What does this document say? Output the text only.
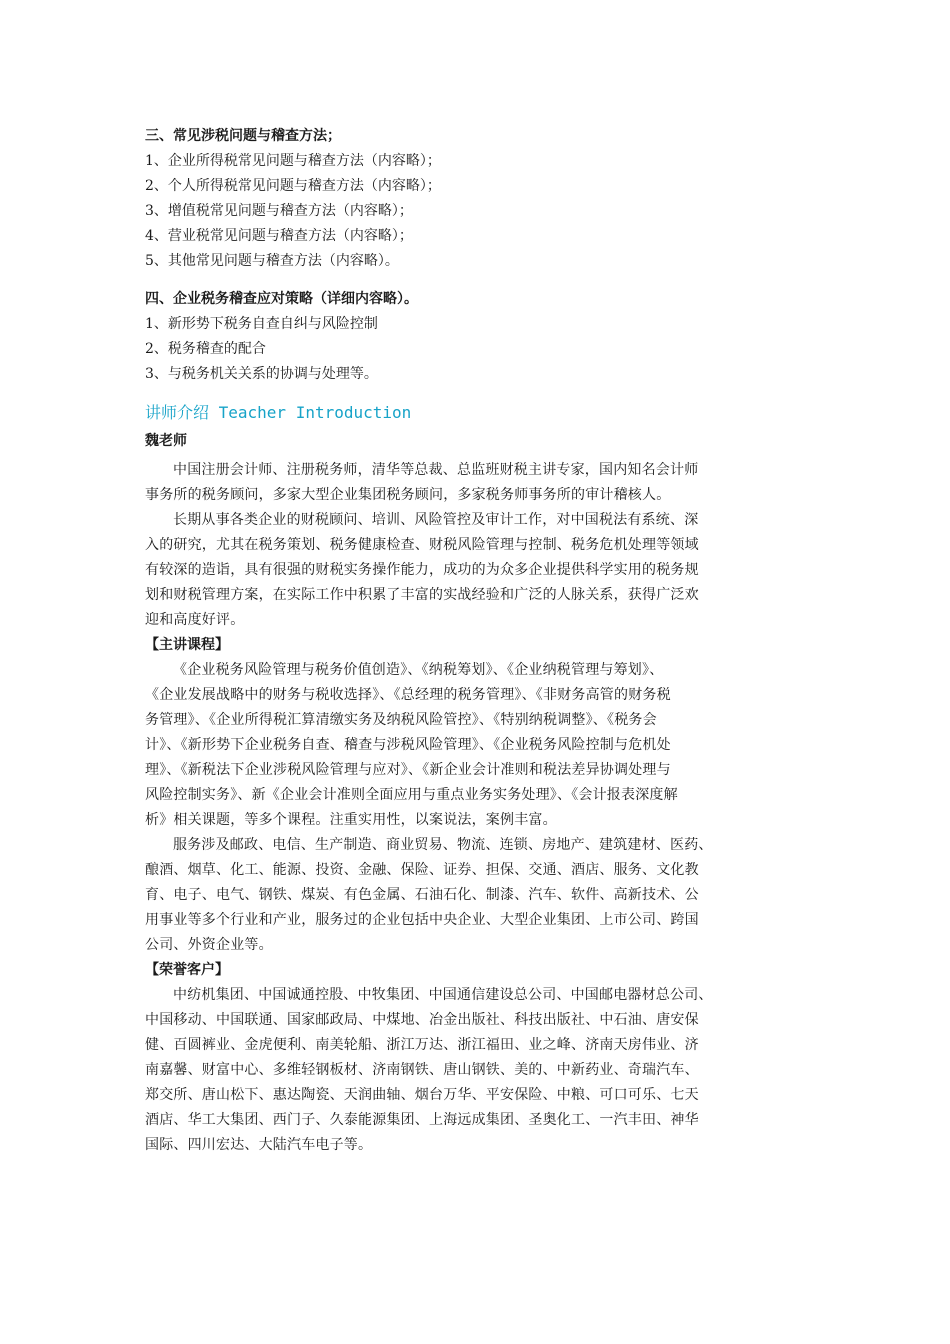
三、常见涉税问题与稽查方法；

1、企业所得税常见问题与稽查方法（内容略）；

2、个人所得税常见问题与稽查方法（内容略）；

3、增值税常见问题与稽查方法（内容略）；

4、营业税常见问题与稽查方法（内容略）；

5、其他常见问题与稽查方法（内容略）。

四、企业税务稽查应对策略（详细内容略）。

1、新形势下税务自查自纠与风险控制

2、税务稽查的配合

3、与税务机关关系的协调与处理等。

讲师介绍 Teacher Introduction
魏老师
中国注册会计师、注册税务师，清华等总裁、总监班财税主讲专家，国内知名会计师
事务所的税务顾问，多家大型企业集团税务顾问，多家税务师事务所的审计稽核人。
长期从事各类企业的财税顾问、培训、风险管控及审计工作，对中国税法有系统、深
入的研究，尤其在税务策划、税务健康检查、财税风险管理与控制、税务危机处理等领域
有较深的造诣，具有很强的财税实务操作能力，成功的为众多企业提供科学实用的税务规
划和财税管理方案，在实际工作中积累了丰富的实战经验和广泛的人脉关系，获得广泛欢
迎和高度好评。
【主讲课程】
《企业税务风险管理与税务价值创造》、《纳税筹划》、《企业纳税管理与筹划》、
《企业发展战略中的财务与税收选择》、《总经理的税务管理》、《非财务高管的财务税
务管理》、《企业所得税汇算清缴实务及纳税风险管控》、《特别纳税调整》、《税务会
计》、《新形势下企业税务自查、稽查与涉税风险管理》、《企业税务风险控制与危机处
理》、《新税法下企业涉税风险管理与应对》、《新企业会计准则和税法差异协调处理与
风险控制实务》、新《企业会计准则全面应用与重点业务实务处理》、《会计报表深度解
析》相关课题，等多个课程。注重实用性，以案说法，案例丰富。
服务涉及邮政、电信、生产制造、商业贸易、物流、连锁、房地产、建筑建材、医药、
酿酒、烟草、化工、能源、投资、金融、保险、证券、担保、交通、酒店、服务、文化教
育、电子、电气、钢铁、煤炭、有色金属、石油石化、制漆、汽车、软件、高新技术、公
用事业等多个行业和产业，服务过的企业包括中央企业、大型企业集团、上市公司、跨国
公司、外资企业等。
【荣誉客户】
中纺机集团、中国诚通控股、中牧集团、中国通信建设总公司、中国邮电器材总公司、
中国移动、中国联通、国家邮政局、中煤地、冶金出版社、科技出版社、中石油、唐安保
健、百圆裤业、金虎便利、南美轮船、浙江万达、浙江福田、业之峰、济南天房伟业、济
南嘉馨、财富中心、多维轻钢板材、济南钢铁、唐山钢铁、美的、中新药业、奇瑞汽车、
郑交所、唐山松下、惠达陶瓷、天润曲轴、烟台万华、平安保险、中粮、可口可乐、七天
酒店、华工大集团、西门子、久泰能源集团、上海远成集团、圣奥化工、一汽丰田、神华
国际、四川宏达、大陆汽车电子等。
